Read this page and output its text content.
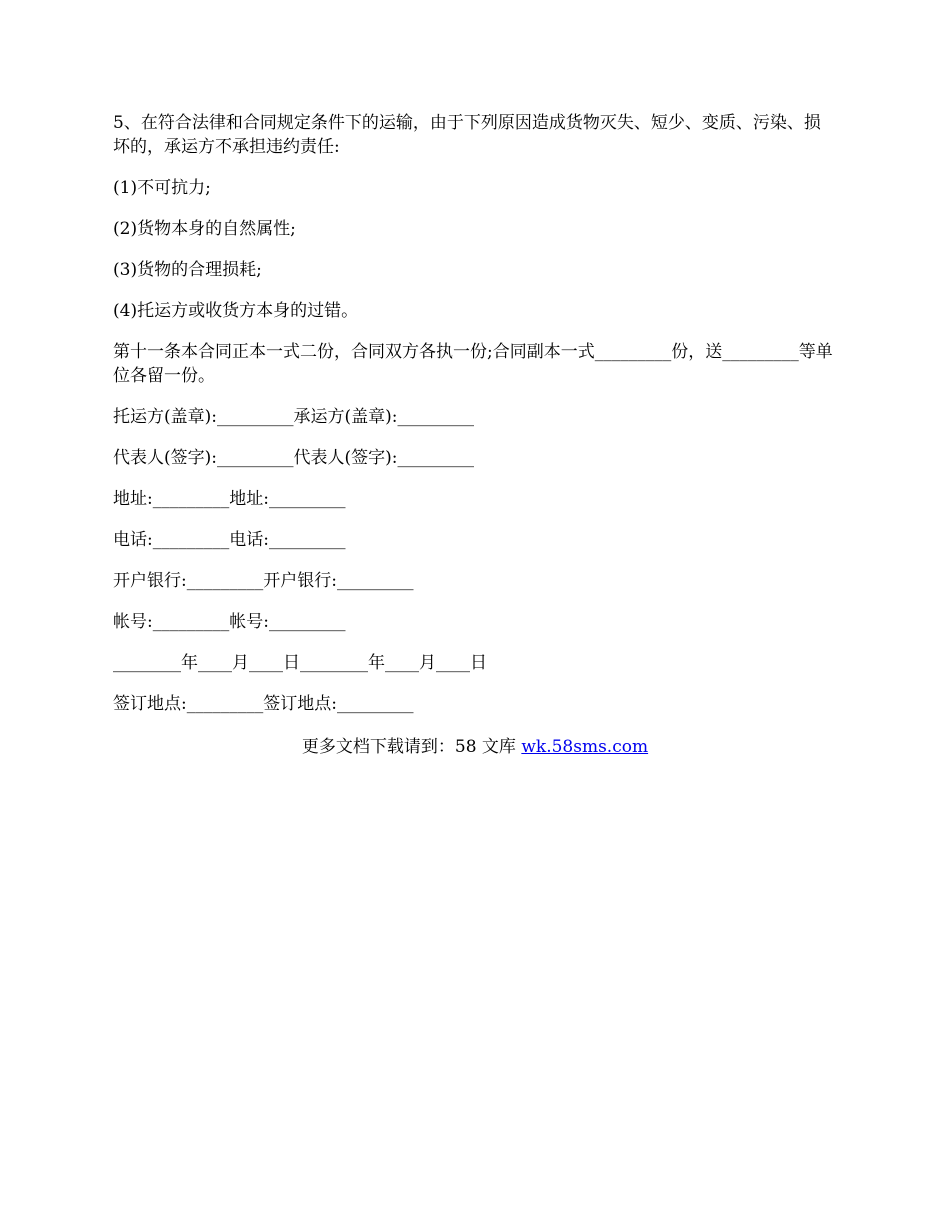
5、在符合法律和合同规定条件下的运输，由于下列原因造成货物灭失、短少、变质、污染、损坏的，承运方不承担违约责任:

(1)不可抗力;

(2)货物本身的自然属性;

(3)货物的合理损耗;

(4)托运方或收货方本身的过错。

第十一条本合同正本一式二份，合同双方各执一份;合同副本一式_________份，送_________等单位各留一份。

托运方(盖章):_________承运方(盖章):_________

代表人(签字):_________代表人(签字):_________

地址:_________地址:_________

电话:_________电话:_________

开户银行:_________开户银行:_________

帐号:_________帐号:_________

________年____月____日________年____月____日

签订地点:_________签订地点:_________

更多文档下载请到：58 文库 wk.58sms.com
